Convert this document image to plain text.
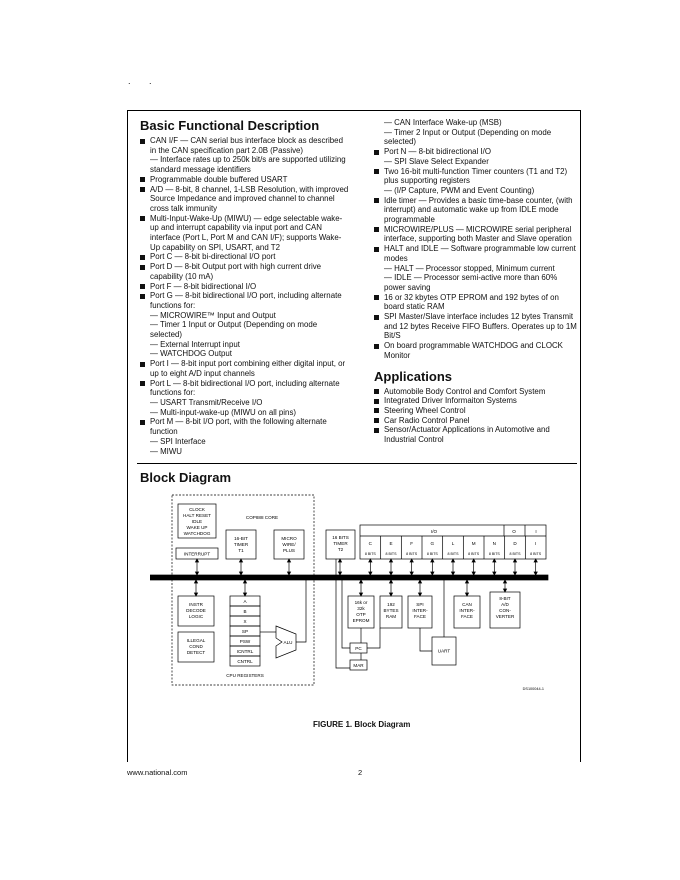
. .
Basic Functional Description
CAN I/F — CAN serial bus interface block as described in the CAN specification part 2.0B (Passive)
— Interface rates up to 250k bit/s are supported utilizing standard message identifiers
Programmable double buffered USART
A/D — 8-bit, 8 channel, 1-LSB Resolution, with improved Source Impedance and improved channel to channel cross talk immunity
Multi-Input-Wake-Up (MIWU) — edge selectable wake-up and interrupt capability via input port and CAN interface (Port L, Port M and CAN I/F); supports Wake-Up capability on SPI, USART, and T2
Port C — 8-bit bi-directional I/O port
Port D — 8-bit Output port with high current drive capability (10 mA)
Port F — 8-bit bidirectional I/O
Port G — 8-bit bidirectional I/O port, including alternate functions for:
— MICROWIRE™ Input and Output
— Timer 1 Input or Output (Depending on mode selected)
— External Interrupt input
— WATCHDOG Output
Port I — 8-bit input port combining either digital input, or up to eight A/D input channels
Port L — 8-bit bidirectional I/O port, including alternate functions for:
— USART Transmit/Receive I/O
— Multi-input-wake-up (MIWU on all pins)
Port M — 8-bit I/O port, with the following alternate function
— SPI Interface
— MIWU
— CAN Interface Wake-up (MSB)
— Timer 2 Input or Output (Depending on mode selected)
Port N — 8-bit bidirectional I/O
— SPI Slave Select Expander
Two 16-bit multi-function Timer counters (T1 and T2) plus supporting registers
— (I/P Capture, PWM and Event Counting)
Idle timer — Provides a basic time-base counter, (with interrupt) and automatic wake up from IDLE mode programmable
MICROWIRE/PLUS — MICROWIRE serial peripheral interface, supporting both Master and Slave operation
HALT and IDLE — Software programmable low current modes
— HALT — Processor stopped, Minimum current
— IDLE — Processor semi-active more than 60% power saving
16 or 32 kbytes OTP EPROM and 192 bytes of on board static RAM
SPI Master/Slave interface includes 12 bytes Transmit and 12 bytes Receive FIFO Buffers. Operates up to 1M Bit/S
On board programmable WATCHDOG and CLOCK Monitor
Applications
Automobile Body Control and Comfort System
Integrated Driver Informaiton Systems
Steering Wheel Control
Car Radio Control Panel
Sensor/Actuator Applications in Automotive and Industrial Control
Block Diagram
COP888 CORE
CLOCK
HALT RESET
IDLE
WAKE UP
WATCHDOG
INTERRUPT
16-BIT
TIMER
T1
MICRO
WIRE/
PLUS
16 BITS
TIMER
T2
I/O	O	I
C
8 BITS
E
8 BITS
F
8 BITS
G
8 BITS
L
8 BITS
M
8 BITS
N
8 BITS
D
8 BITS
I
8 BITS
INSTR
DECODE
LOGIC
ILLEGAL
COND
DETECT
A
B
X
SP
PSW
ICNTRL
CNTRL
CPU REGISTERS
ALU
16k or
32k
OTP
EPROM
192
BYTES
RAM
SPI
INTER-
FACE
CAN
INTER-
FACE
8-BIT
A/D
CON-
VERTER
PC
MAR
UART
DS100044-1
FIGURE 1. Block Diagram
www.national.com	2
